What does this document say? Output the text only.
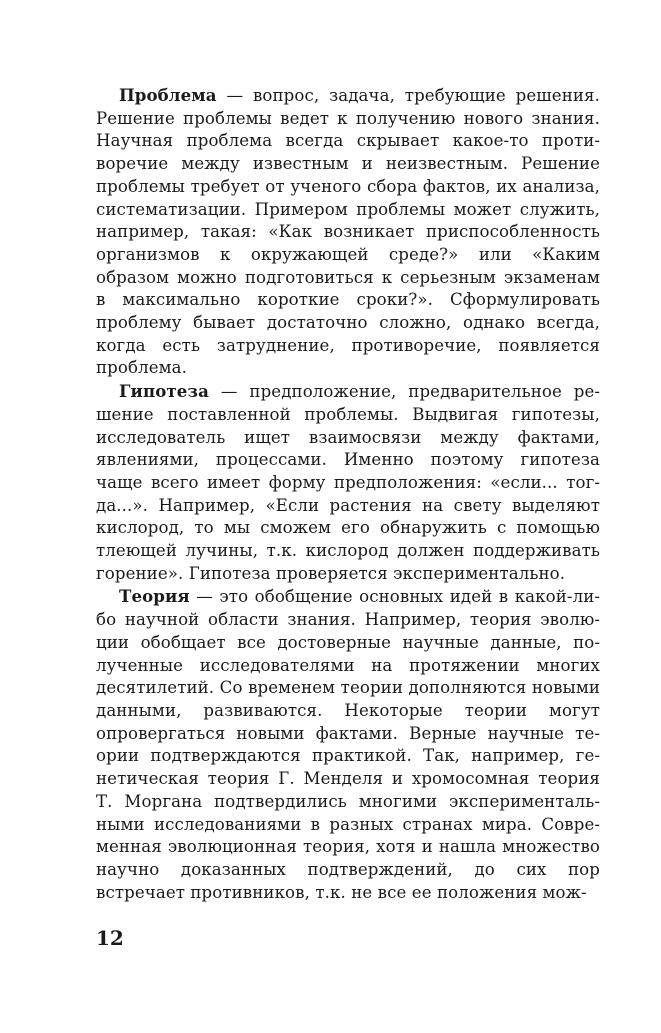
Проблема — вопрос, задача, требующие решения. Решение проблемы ведет к получению нового знания. Научная проблема всегда скрывает какое-то противоречие между известным и неизвестным. Решение проблемы требует от ученого сбора фактов, их анализа, систематизации. Примером проблемы может служить, например, такая: «Как возникает приспособленность организмов к окружающей среде?» или «Каким образом можно подготовиться к серьезным экзаменам в максимально короткие сроки?». Сформулировать проблему бывает достаточно сложно, однако всегда, когда есть затруднение, противоречие, появляется проблема.

Гипотеза — предположение, предварительное решение поставленной проблемы. Выдвигая гипотезы, исследователь ищет взаимосвязи между фактами, явлениями, процессами. Именно поэтому гипотеза чаще всего имеет форму предположения: «если... тогда...». Например, «Если растения на свету выделяют кислород, то мы сможем его обнаружить с помощью тлеющей лучины, т.к. кислород должен поддерживать горение». Гипотеза проверяется экспериментально.

Теория — это обобщение основных идей в какой-либо научной области знания. Например, теория эволюции обобщает все достоверные научные данные, полученные исследователями на протяжении многих десятилетий. Со временем теории дополняются новыми данными, развиваются. Некоторые теории могут опровергаться новыми фактами. Верные научные теории подтверждаются практикой. Так, например, генетическая теория Г. Менделя и хромосомная теория Т. Моргана подтвердились многими экспериментальными исследованиями в разных странах мира. Современная эволюционная теория, хотя и нашла множество научно доказанных подтверждений, до сих пор встречает противников, т.к. не все ее положения мож-

12
